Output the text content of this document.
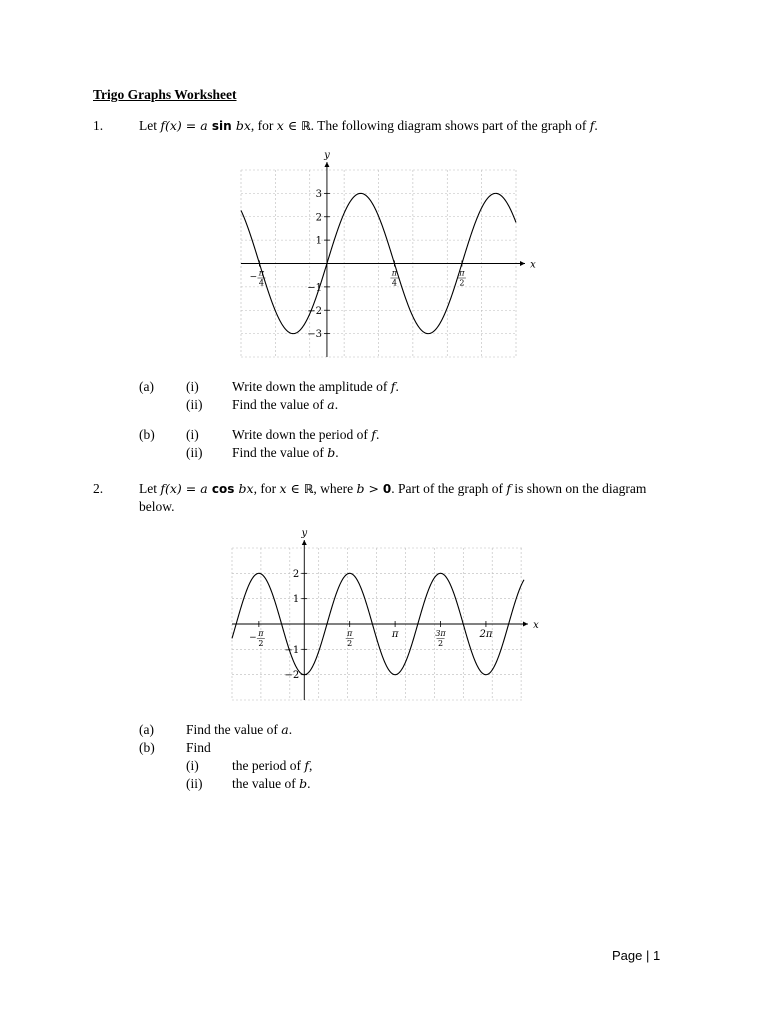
Trigo Graphs Worksheet
1.	Let f(x) = a sin bx, for x ∈ ℝ. The following diagram shows part of the graph of f.
x
y
3
2
1
−1
−2
−3
− π
4
π
4
π
2
(a) (i) Write down the amplitude of f.
(ii) Find the value of a.
(b) (i) Write down the period of f.
(ii) Find the value of b.
2.	Let f(x) = a cos bx, for x ∈ ℝ, where b > 0. Part of the graph of f is shown on the diagram
below.
x
y
2
1
−1
−2
− π
2
π
2
π	3π
2
2π
(a) Find the value of a.
(b) Find
(i) the period of f,
(ii) the value of b.
Page | 1
